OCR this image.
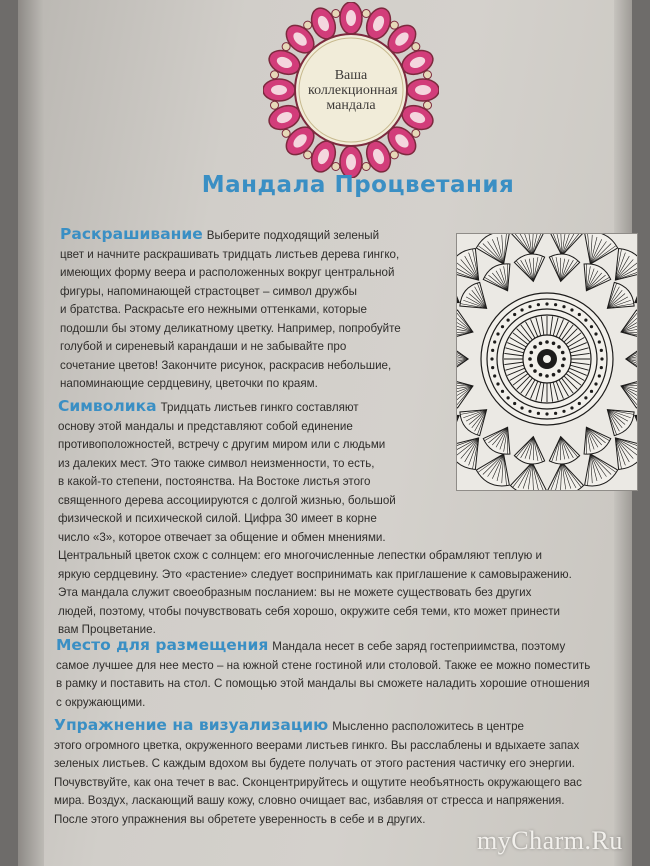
Ваша
коллекционная
мандала
Мандала Процветания
Раскрашивание Выберите подходящий зеленый
цвет и начните раскрашивать тридцать листьев дерева гингко,
имеющих форму веера и расположенных вокруг центральной
фигуры, напоминающей страстоцвет – символ дружбы
и братства. Раскрасьте его нежными оттенками, которые
подошли бы этому деликатному цветку. Например, попробуйте
голубой и сиреневый карандаши и не забывайте про
сочетание цветов! Закончите рисунок, раскрасив небольшие,
напоминающие сердцевину, цветочки по краям.
Символика Тридцать листьев гинкго составляют
основу этой мандалы и представляют собой единение
противоположностей, встречу с другим миром или с людьми
из далеких мест. Это также символ неизменности, то есть,
в какой-то степени, постоянства. На Востоке листья этого
священного дерева ассоциируются с долгой жизнью, большой
физической и психической силой. Цифра 30 имеет в корне
число «3», которое отвечает за общение и обмен мнениями.
Центральный цветок схож с солнцем: его многочисленные лепестки обрамляют теплую и
яркую сердцевину. Это «растение» следует воспринимать как приглашение к самовыражению.
Эта мандала служит своеобразным посланием: вы не можете существовать без других
людей, поэтому, чтобы почувствовать себя хорошо, окружите себя теми, кто может принести
вам Процветание.
Место для размещения Мандала несет в себе заряд гостеприимства, поэтому
самое лучшее для нее место – на южной стене гостиной или столовой. Также ее можно поместить
в рамку и поставить на стол. С помощью этой мандалы вы сможете наладить хорошие отношения
с окружающими.
Упражнение на визуализацию Мысленно расположитесь в центре
этого огромного цветка, окруженного веерами листьев гинкго. Вы расслаблены и вдыхаете запах
зеленых листьев. С каждым вдохом вы будете получать от этого растения частичку его энергии.
Почувствуйте, как она течет в вас. Сконцентрируйтесь и ощутите необъятность окружающего вас
мира. Воздух, ласкающий вашу кожу, словно очищает вас, избавляя от стресса и напряжения.
После этого упражнения вы обретете уверенность в себе и в других.
myCharm.Ru
